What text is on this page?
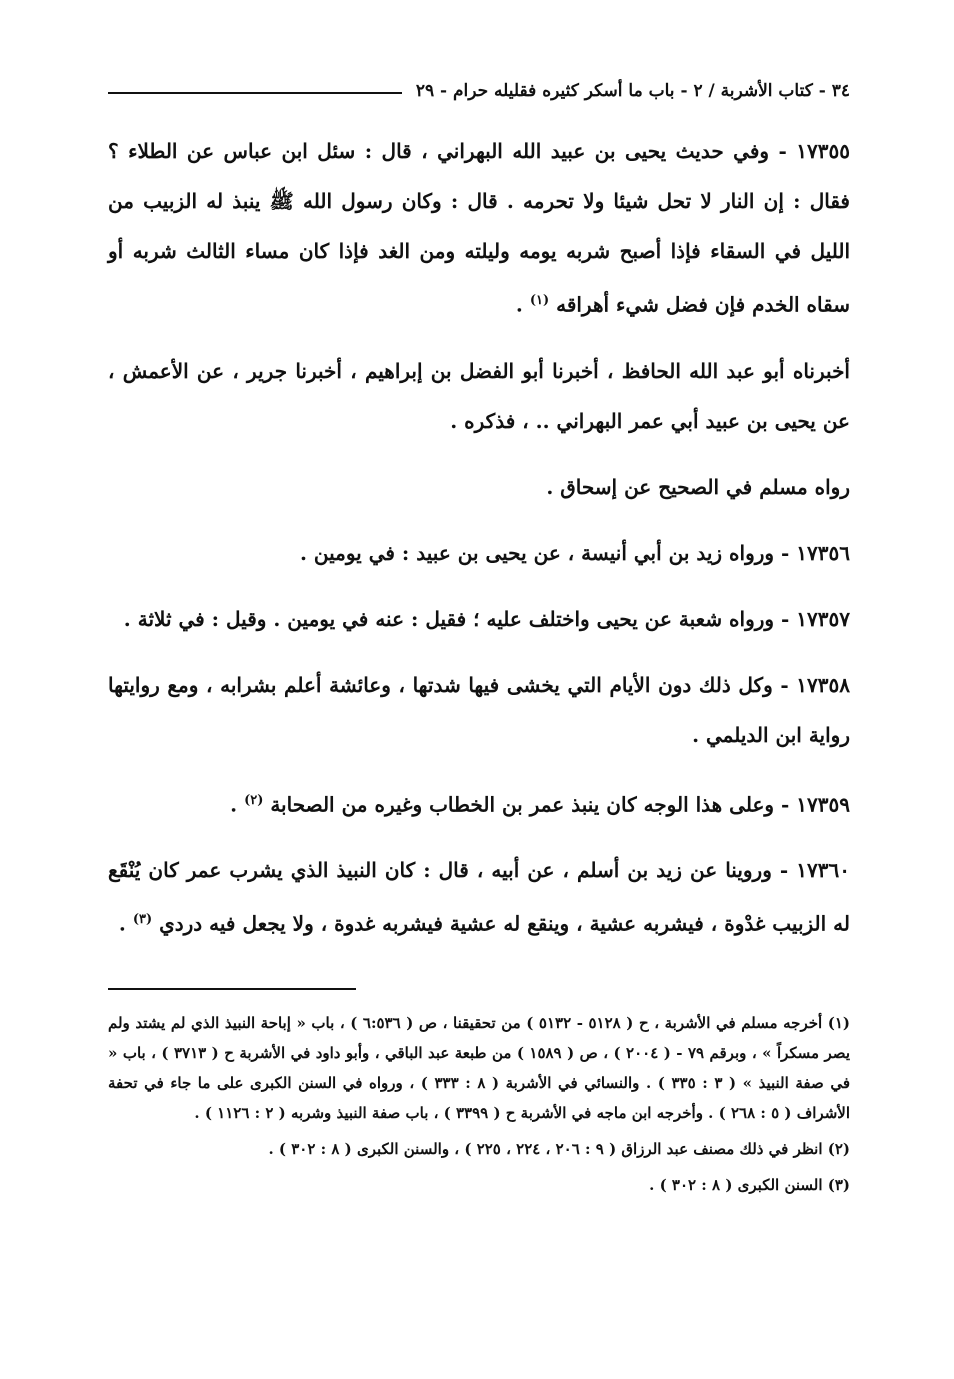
٣٤ - كتاب الأشربة / ٢ - باب ما أسكر كثيره فقليله حرام - ٢٩

١٧٣٥٥ - وفي حديث يحيى بن عبيد الله البهراني ، قال : سئل ابن عباس عن الطلاء ؟ فقال : إن النار لا تحل شيئا ولا تحرمه . قال : وكان رسول الله ﷺ ينبذ له الزبيب من الليل في السقاء فإذا أصبح شربه يومه وليلته ومن الغد فإذا كان مساء الثالث شربه أو سقاه الخدم فإن فضل شيء أهراقه $^{(١)}$ .

أخبرناه أبو عبد الله الحافظ ، أخبرنا أبو الفضل بن إبراهيم ، أخبرنا جرير ، عن الأعمش ، عن يحيى بن عبيد أبي عمر البهراني .. ، فذكره .

رواه مسلم في الصحيح عن إسحاق .

١٧٣٥٦ - ورواه زيد بن أبي أنيسة ، عن يحيى بن عبيد : في يومين .

١٧٣٥٧ - ورواه شعبة عن يحيى واختلف عليه ؛ فقيل : عنه في يومين . وقيل : في ثلاثة .

١٧٣٥٨ - وكل ذلك دون الأيام التي يخشى فيها شدتها ، وعائشة أعلم بشرابه ، ومع روايتها رواية ابن الديلمي .

١٧٣٥٩ - وعلى هذا الوجه كان ينبذ عمر بن الخطاب وغيره من الصحابة $^{(٢)}$ .

١٧٣٦٠ - وروينا عن زيد بن أسلم ، عن أبيه ، قال : كان النبيذ الذي يشرب عمر كان يُنْقَع له الزبيب غدْوة ، فيشربه عشية ، وينقع له عشية فيشربه غدوة ، ولا يجعل فيه دردي $^{(٣)}$ .

(١) أخرجه مسلم في الأشربة ، ح ( ٥١٢٨ - ٥١٣٢ ) من تحقيقنا ، ص ( ٦:٥٣٦ ) ، باب « إباحة النبيذ الذي لم يشتد ولم يصر مسكراً » ، وبرقم ٧٩ - ( ٢٠٠٤ ) ، ص ( ١٥٨٩ ) من طبعة عبد الباقي ، وأبو داود في الأشربة ح ( ٣٧١٣ ) ، باب « في صفة النبيذ » ( ٣ : ٣٣٥ ) . والنسائي في الأشربة ( ٨ : ٣٣٣ ) ، ورواه في السنن الكبرى على ما جاء في تحفة الأشراف ( ٥ : ٢٦٨ ) . وأخرجه ابن ماجه في الأشربة ح ( ٣٣٩٩ ) ، باب صفة النبيذ وشربه ( ٢ : ١١٢٦ ) .

(٢) انظر في ذلك مصنف عبد الرزاق ( ٩ : ٢٠٦ ، ٢٢٤ ، ٢٢٥ ) ، والسنن الكبرى ( ٨ : ٣٠٢ ) .

(٣) السنن الكبرى ( ٨ : ٣٠٢ ) .
